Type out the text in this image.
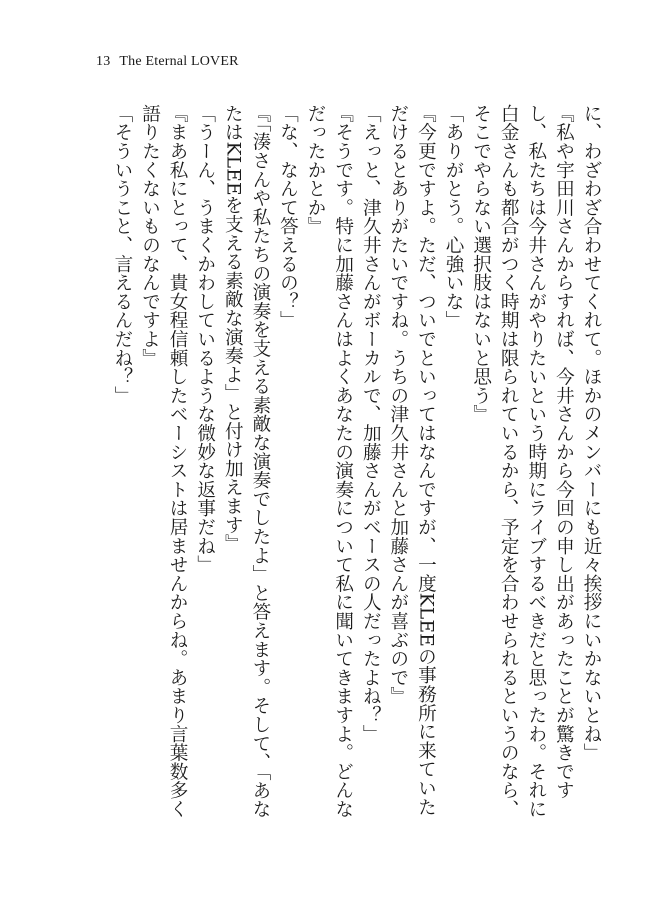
13 The Eternal LOVER
に、わざわざ合わせてくれて。ほかのメンバーにも近々挨拶にいかないとね」
『私や宇田川さんからすれば、今井さんから今回の申し出があったことが驚きです
し、私たちは今井さんがやりたいという時期にライブするべきだと思ったわ。それに
白金さんも都合がつく時期は限られているから、予定を合わせられるというのなら、
そこでやらない選択肢はないと思う』
「ありがとう。心強いな」
『今更ですよ。ただ、ついでといってはなんですが、一度KLEEの事務所に来ていた
だけるとありがたいですね。うちの津久井さんと加藤さんが喜ぶので』
「えっと、津久井さんがボーカルで、加藤さんがベースの人だったよね？」
『そうです。特に加藤さんはよくあなたの演奏について私に聞いてきますよ。どんな
だったかとか』
「な、なんて答えるの？」
『「湊さんや私たちの演奏を支える素敵な演奏でしたよ」と答えます。そして、「あな
たはKLEEを支える素敵な演奏よ」と付け加えます』
「うーん、うまくかわしているような微妙な返事だね」
『まあ私にとって、貴女程信頼したベーシストは居ませんからね。あまり言葉数多く
語りたくないものなんですよ』
「そういうこと、言えるんだね？」
